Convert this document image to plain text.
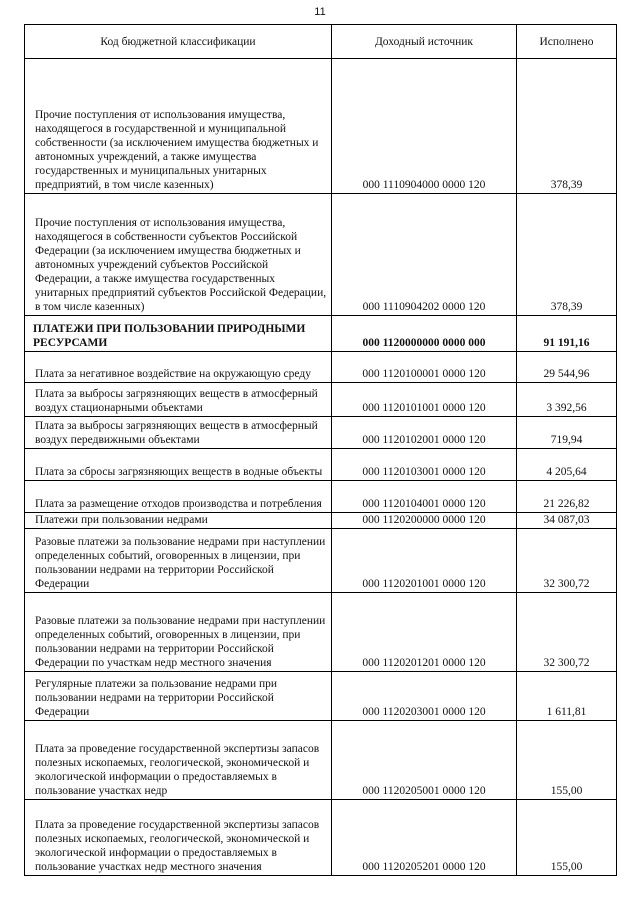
11
Код бюджетной классификации	Доходный источник	Исполнено
Прочие поступления от использования имущества, находящегося в государственной и муниципальной собственности (за исключением имущества бюджетных и автономных учреждений, а также имущества государственных и муниципальных унитарных предприятий, в том числе казенных)	000 1110904000 0000 120	378,39
Прочие поступления от использования имущества, находящегося в собственности субъектов Российской Федерации (за исключением имущества бюджетных и автономных учреждений субъектов Российской Федерации, а также имущества государственных унитарных предприятий субъектов Российской Федерации, в том числе казенных)	000 1110904202 0000 120	378,39
ПЛАТЕЖИ ПРИ ПОЛЬЗОВАНИИ ПРИРОДНЫМИ РЕСУРСАМИ	000 1120000000 0000 000	91 191,16
Плата за негативное воздействие на окружающую среду	000 1120100001 0000 120	29 544,96
Плата за выбросы загрязняющих веществ в атмосферный воздух стационарными объектами	000 1120101001 0000 120	3 392,56
Плата за выбросы загрязняющих веществ в атмосферный воздух передвижными объектами	000 1120102001 0000 120	719,94
Плата за сбросы загрязняющих веществ в водные объекты	000 1120103001 0000 120	4 205,64
Плата за размещение отходов производства и потребления	000 1120104001 0000 120	21 226,82
Платежи при пользовании недрами	000 1120200000 0000 120	34 087,03
Разовые платежи за пользование недрами при наступлении определенных событий, оговоренных в лицензии, при пользовании недрами на территории Российской Федерации	000 1120201001 0000 120	32 300,72
Разовые платежи за пользование недрами при наступлении определенных событий, оговоренных в лицензии, при пользовании недрами на территории Российской Федерации по участкам недр местного значения	000 1120201201 0000 120	32 300,72
Регулярные платежи за пользование недрами при пользовании недрами на территории Российской Федерации	000 1120203001 0000 120	1 611,81
Плата за проведение государственной экспертизы запасов полезных ископаемых, геологической, экономической и экологической информации о предоставляемых в пользование участках недр	000 1120205001 0000 120	155,00
Плата за проведение государственной экспертизы запасов полезных ископаемых, геологической, экономической и экологической информации о предоставляемых в пользование участках недр местного значения	000 1120205201 0000 120	155,00
